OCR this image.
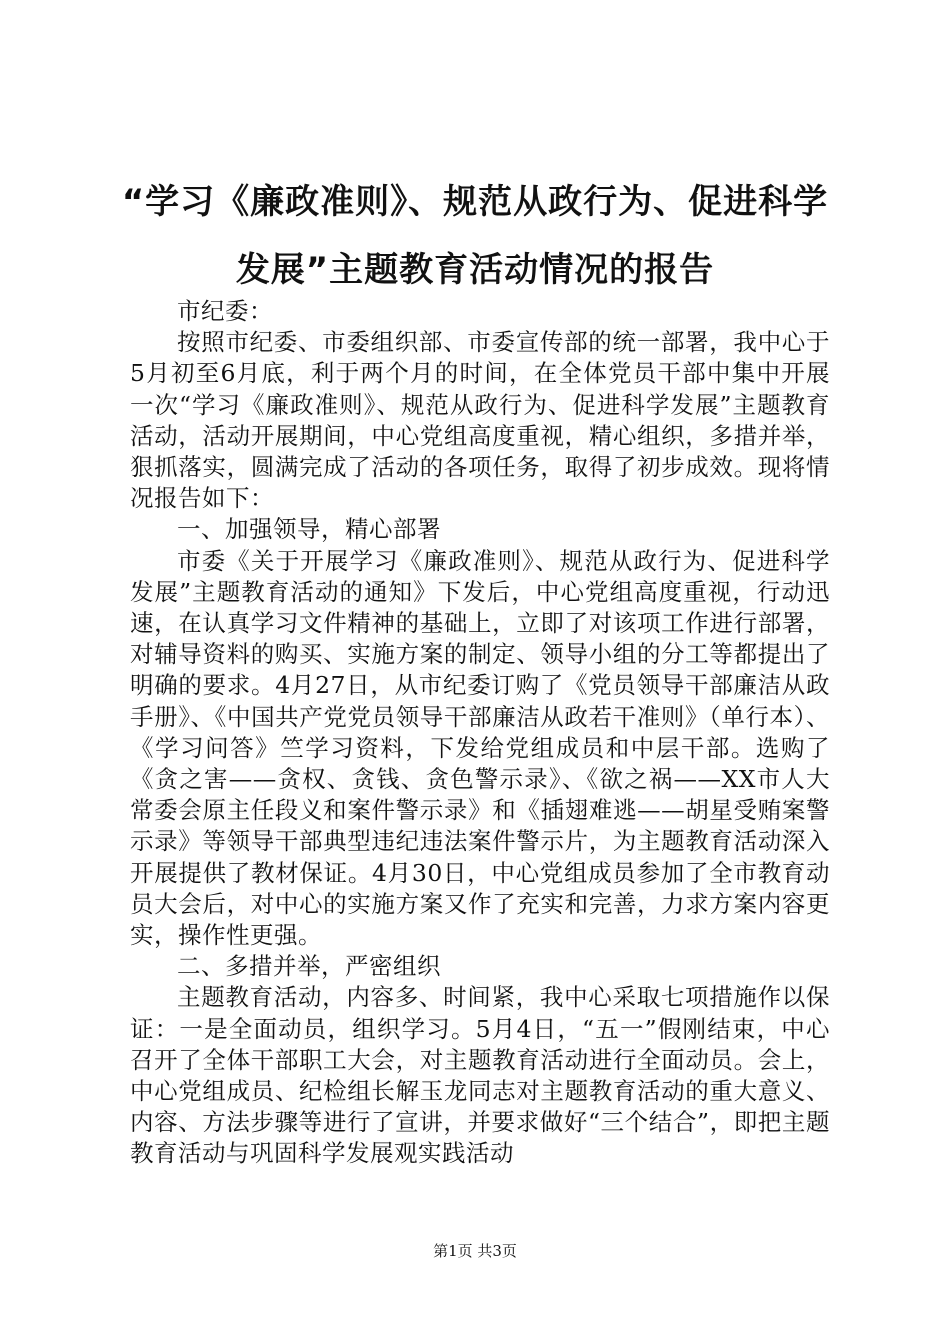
“学习《廉政准则》、规范从政行为、促进科学发展”主题教育活动情况的报告

市纪委：

按照市纪委、市委组织部、市委宣传部的统一部署，我中心于5月初至6月底，利于两个月的时间，在全体党员干部中集中开展一次“学习《廉政准则》、规范从政行为、促进科学发展”主题教育活动，活动开展期间，中心党组高度重视，精心组织，多措并举，狠抓落实，圆满完成了活动的各项任务，取得了初步成效。现将情况报告如下：

一、加强领导，精心部署

市委《关于开展学习《廉政准则》、规范从政行为、促进科学发展”主题教育活动的通知》下发后，中心党组高度重视，行动迅速，在认真学习文件精神的基础上，立即了对该项工作进行部署，对辅导资料的购买、实施方案的制定、领导小组的分工等都提出了明确的要求。4月27日，从市纪委订购了《党员领导干部廉洁从政手册》、《中国共产党党员领导干部廉洁从政若干准则》（单行本）、《学习问答》竺学习资料，下发给党组成员和中层干部。选购了《贪之害——贪权、贪钱、贪色警示录》、《欲之祸——XX市人大常委会原主任段义和案件警示录》和《插翅难逃——胡星受贿案警示录》等领导干部典型违纪违法案件警示片，为主题教育活动深入开展提供了教材保证。4月30日，中心党组成员参加了全市教育动员大会后，对中心的实施方案又作了充实和完善，力求方案内容更实，操作性更强。

二、多措并举，严密组织

主题教育活动，内容多、时间紧，我中心采取七项措施作以保证：一是全面动员，组织学习。5月4日，“五一”假刚结束，中心召开了全体干部职工大会，对主题教育活动进行全面动员。会上，中心党组成员、纪检组长解玉龙同志对主题教育活动的重大意义、内容、方法步骤等进行了宣讲，并要求做好“三个结合”，即把主题教育活动与巩固科学发展观实践活动

第1页 共3页
